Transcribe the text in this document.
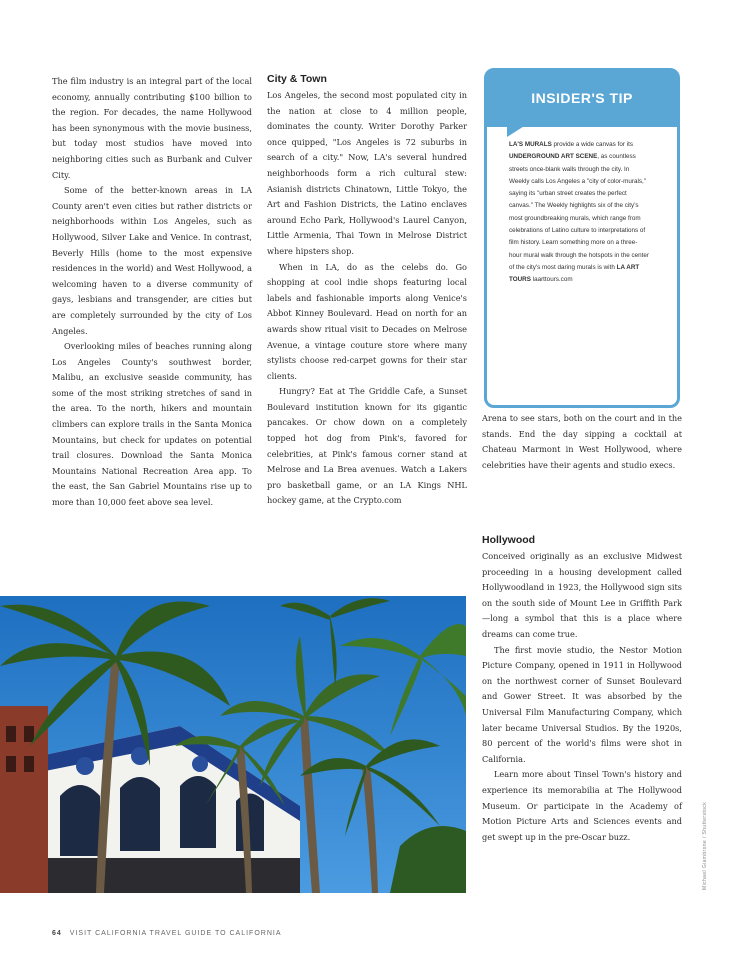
The film industry is an integral part of the local economy, annually contributing $100 billion to the region. For decades, the name Hollywood has been synonymous with the movie business, but today most studios have moved into neighboring cities such as Burbank and Culver City.

Some of the better-known areas in LA County aren't even cities but rather districts or neighborhoods within Los Angeles, such as Hollywood, Silver Lake and Venice. In contrast, Beverly Hills (home to the most expensive residences in the world) and West Hollywood, a welcoming haven to a diverse community of gays, lesbians and transgender, are cities but are completely surrounded by the city of Los Angeles.

Overlooking miles of beaches running along Los Angeles County's southwest border, Malibu, an exclusive seaside community, has some of the most striking stretches of sand in the area. To the north, hikers and mountain climbers can explore trails in the Santa Monica Mountains, but check for updates on potential trail closures. Download the Santa Monica Mountains National Recreation Area app. To the east, the San Gabriel Mountains rise up to more than 10,000 feet above sea level.

City & Town

Los Angeles, the second most populated city in the nation at close to 4 million people, dominates the county. Writer Dorothy Parker once quipped, "Los Angeles is 72 suburbs in search of a city." Now, LA's several hundred neighborhoods form a rich cultural stew: Asianish districts Chinatown, Little Tokyo, the Art and Fashion Districts, the Latino enclaves around Echo Park, Hollywood's Laurel Canyon, Little Armenia, Thai Town in Melrose District where hipsters shop.

When in LA, do as the celebs do. Go shopping at cool indie shops featuring local labels and fashionable imports along Venice's Abbot Kinney Boulevard. Head on north for an awards show ritual visit to Decades on Melrose Avenue, a vintage couture store where many stylists choose red-carpet gowns for their star clients.

Hungry? Eat at The Griddle Cafe, a Sunset Boulevard institution known for its gigantic pancakes. Or chow down on a completely topped hot dog from Pink's, favored for celebrities, at Pink's famous corner stand at Melrose and La Brea avenues. Watch a Lakers pro basketball game, or an LA Kings NHL hockey game, at the Crypto.com

INSIDER'S TIP
LA'S MURALS provide a wide canvas for its UNDERGROUND ART SCENE, as countless streets once-blank walls through the city. In Weekly calls Los Angeles a "city of color-murals," saying its "urban street creates the perfect canvas." The Weekly highlights six of the city's most groundbreaking murals, which range from celebrations of Latino culture to interpretations of film history. Learn something more on a three-hour mural walk through the hotspots in the center of the city's most daring murals is with LA ART TOURS laarttours.com

Arena to see stars, both on the court and in the stands. End the day sipping a cocktail at Chateau Marmont in West Hollywood, where celebrities have their agents and studio execs.

Hollywood

Conceived originally as an exclusive Midwest proceeding in a housing development called Hollywoodland in 1923, the Hollywood sign sits on the south side of Mount Lee in Griffith Park—long a symbol that this is a place where dreams can come true.

The first movie studio, the Nestor Motion Picture Company, opened in 1911 in Hollywood on the northwest corner of Sunset Boulevard and Gower Street. It was absorbed by the Universal Film Manufacturing Company, which later became Universal Studios. By the 1920s, 80 percent of the world's films were shot in California.

Learn more about Tinsel Town's history and experience its memorabilia at The Hollywood Museum. Or participate in the Academy of Motion Picture Arts and Sciences events and get swept up in the pre-Oscar buzz.	Michael Giambrone / Shutterstock
64 VISIT CALIFORNIA TRAVEL GUIDE TO CALIFORNIA
